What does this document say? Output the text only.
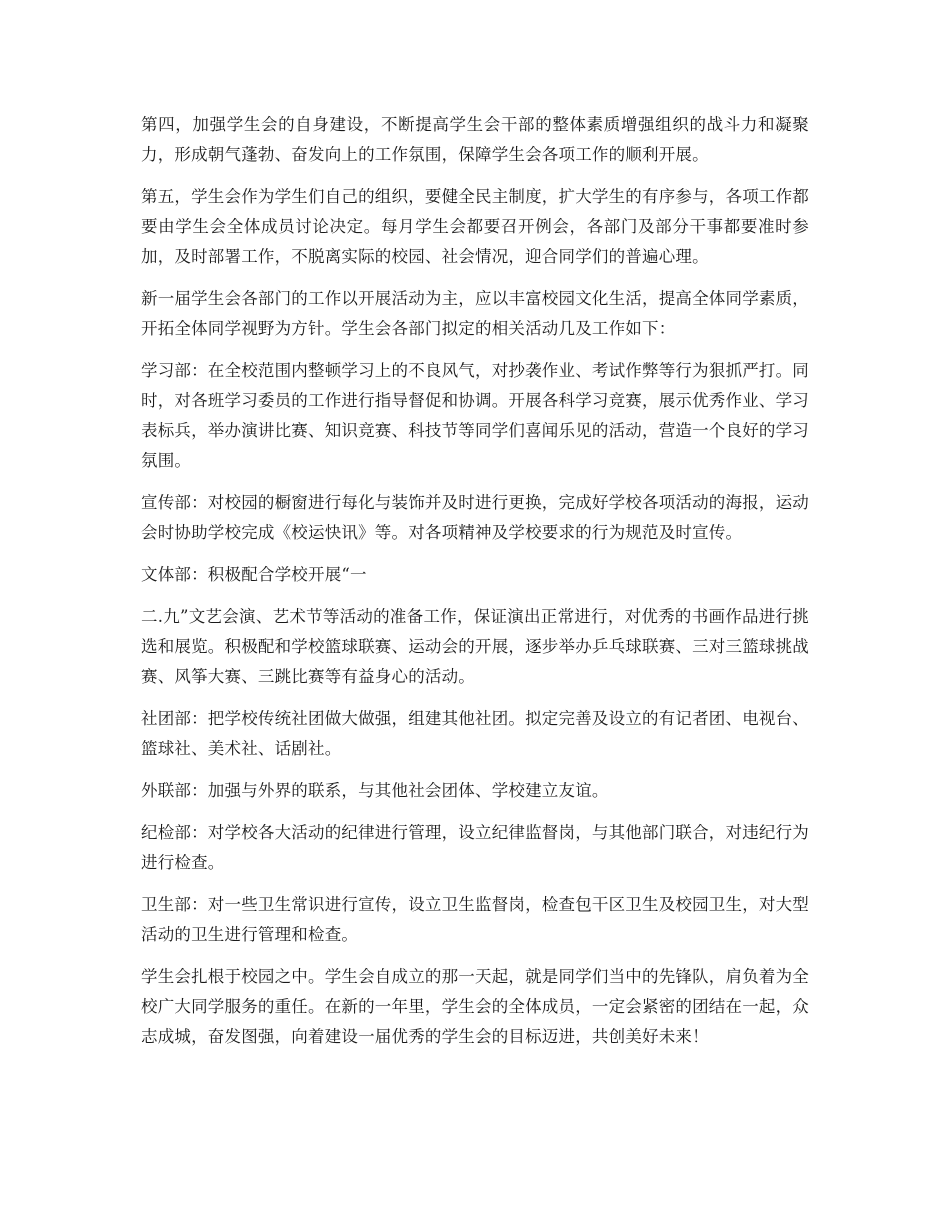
第四，加强学生会的自身建设，不断提高学生会干部的整体素质增强组织的战斗力和凝聚力，形成朝气蓬勃、奋发向上的工作氛围，保障学生会各项工作的顺利开展。

第五，学生会作为学生们自己的组织，要健全民主制度，扩大学生的有序参与，各项工作都要由学生会全体成员讨论决定。每月学生会都要召开例会，各部门及部分干事都要准时参加，及时部署工作，不脱离实际的校园、社会情况，迎合同学们的普遍心理。

新一届学生会各部门的工作以开展活动为主，应以丰富校园文化生活，提高全体同学素质，开拓全体同学视野为方针。学生会各部门拟定的相关活动几及工作如下：

学习部：在全校范围内整顿学习上的不良风气，对抄袭作业、考试作弊等行为狠抓严打。同时，对各班学习委员的工作进行指导督促和协调。开展各科学习竞赛，展示优秀作业、学习表标兵，举办演讲比赛、知识竞赛、科技节等同学们喜闻乐见的活动，营造一个良好的学习氛围。

宣传部：对校园的橱窗进行每化与装饰并及时进行更换，完成好学校各项活动的海报，运动会时协助学校完成《校运快讯》等。对各项精神及学校要求的行为规范及时宣传。

文体部：积极配合学校开展“一

二.九”文艺会演、艺术节等活动的准备工作，保证演出正常进行，对优秀的书画作品进行挑选和展览。积极配和学校篮球联赛、运动会的开展，逐步举办乒乓球联赛、三对三篮球挑战赛、风筝大赛、三跳比赛等有益身心的活动。

社团部：把学校传统社团做大做强，组建其他社团。拟定完善及设立的有记者团、电视台、篮球社、美术社、话剧社。

外联部：加强与外界的联系，与其他社会团体、学校建立友谊。

纪检部：对学校各大活动的纪律进行管理，设立纪律监督岗，与其他部门联合，对违纪行为进行检查。

卫生部：对一些卫生常识进行宣传，设立卫生监督岗，检查包干区卫生及校园卫生，对大型活动的卫生进行管理和检查。

学生会扎根于校园之中。学生会自成立的那一天起，就是同学们当中的先锋队，肩负着为全校广大同学服务的重任。在新的一年里，学生会的全体成员，一定会紧密的团结在一起，众志成城，奋发图强，向着建设一届优秀的学生会的目标迈进，共创美好未来！
